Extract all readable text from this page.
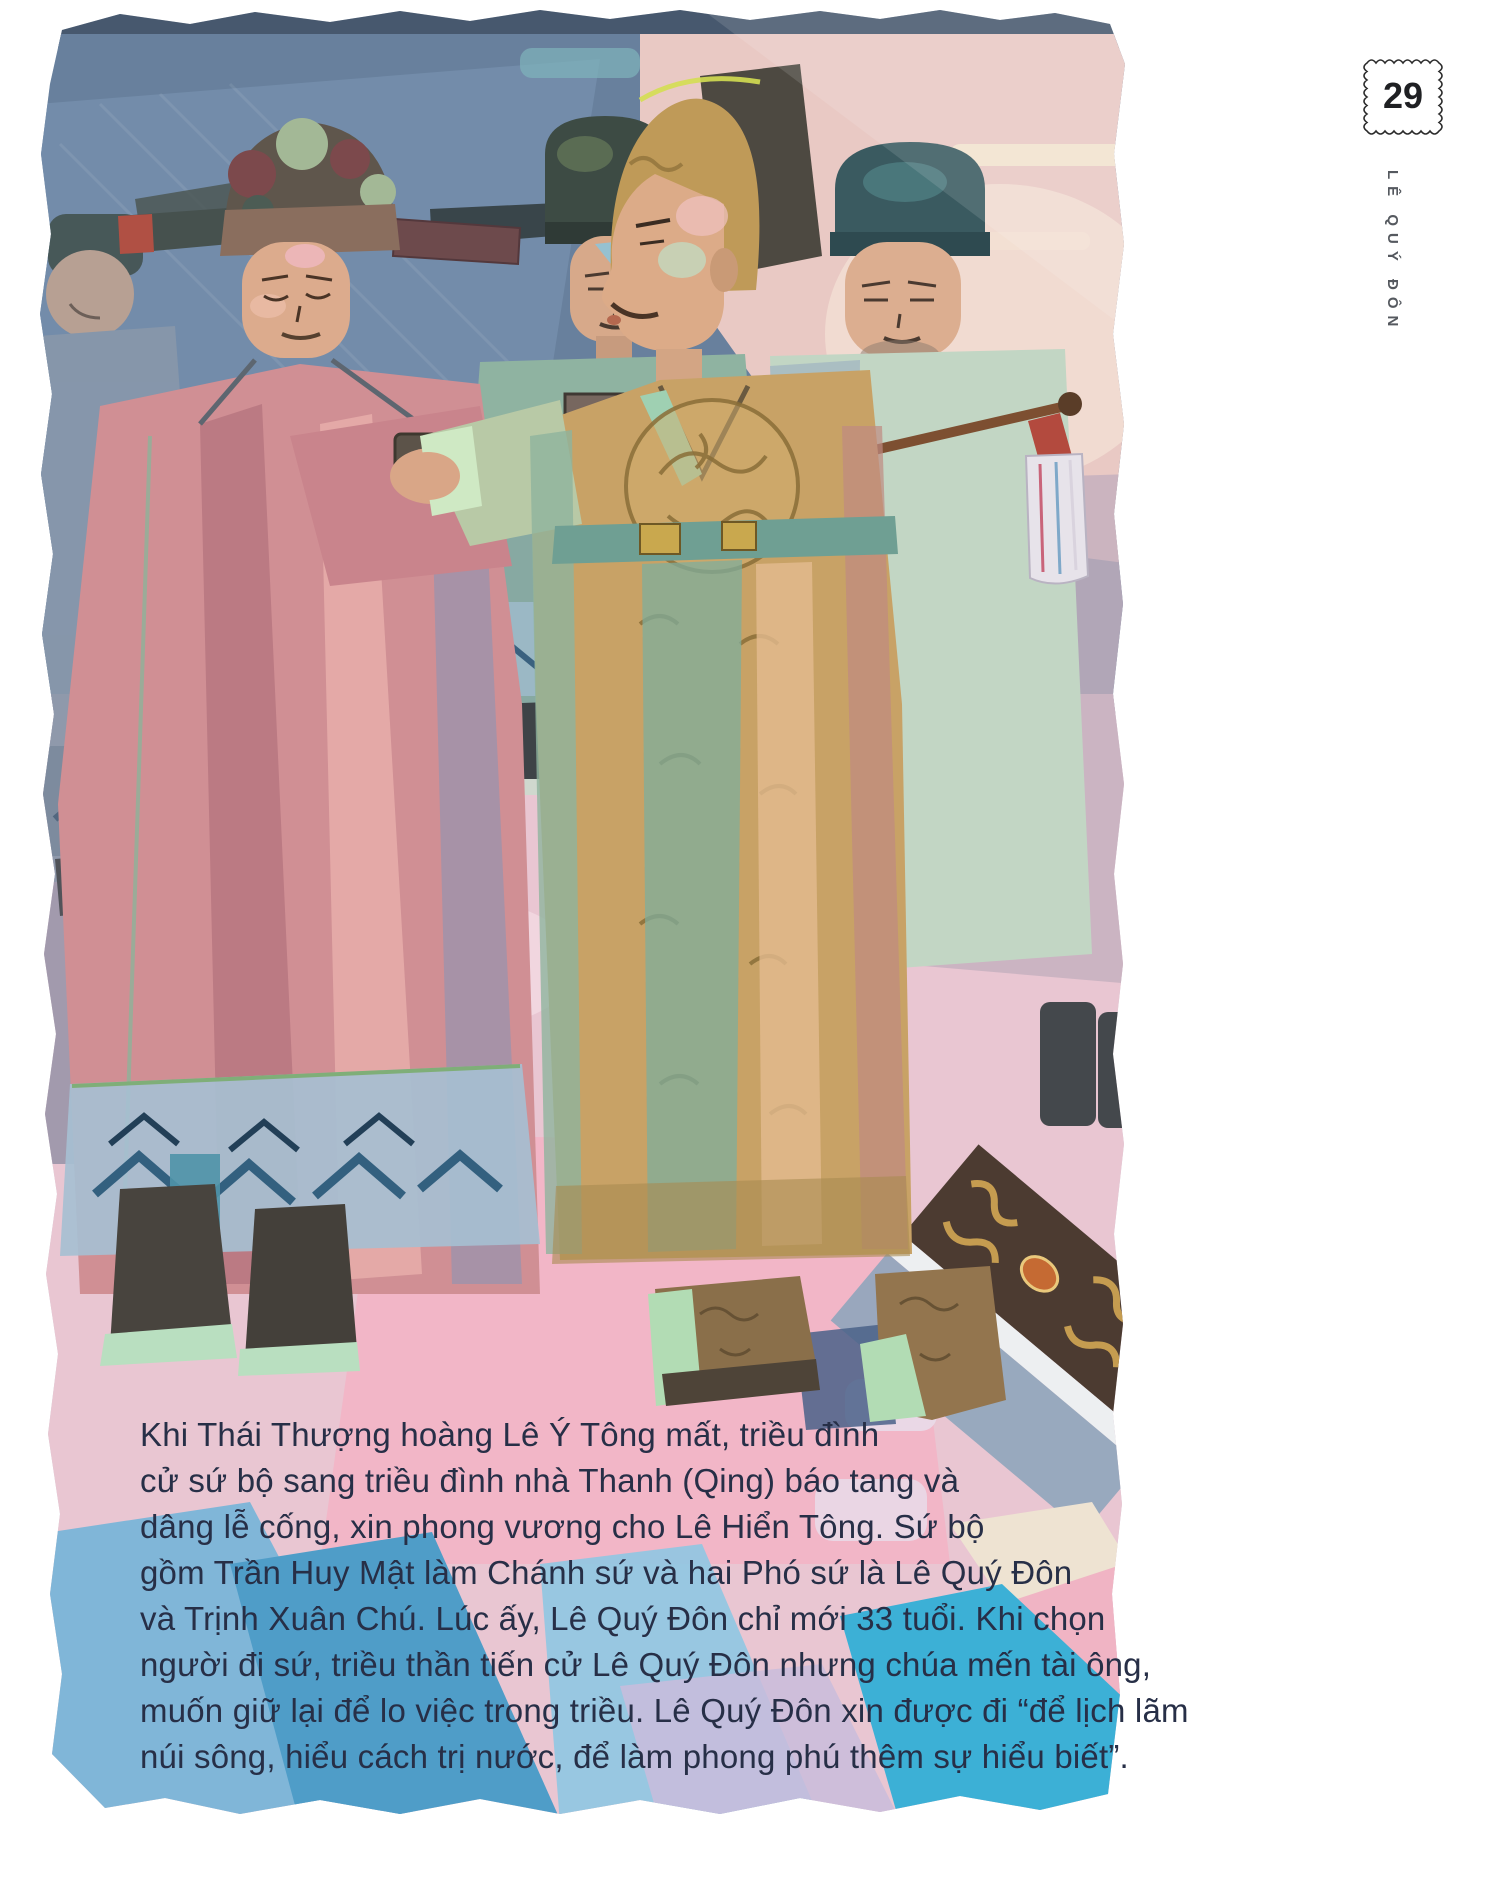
29
LÊ QUÝ ĐÔN
Khi Thái Thượng hoàng Lê Ý Tông mất, triều đình
cử sứ bộ sang triều đình nhà Thanh (Qing) báo tang và
dâng lễ cống, xin phong vương cho Lê Hiển Tông. Sứ bộ
gồm Trần Huy Mật làm Chánh sứ và hai Phó sứ là Lê Quý Đôn
và Trịnh Xuân Chú. Lúc ấy, Lê Quý Đôn chỉ mới 33 tuổi. Khi chọn
người đi sứ, triều thần tiến cử Lê Quý Đôn nhưng chúa mến tài ông,
muốn giữ lại để lo việc trong triều. Lê Quý Đôn xin được đi “để lịch lãm
núi sông, hiểu cách trị nước, để làm phong phú thêm sự hiểu biết”.
